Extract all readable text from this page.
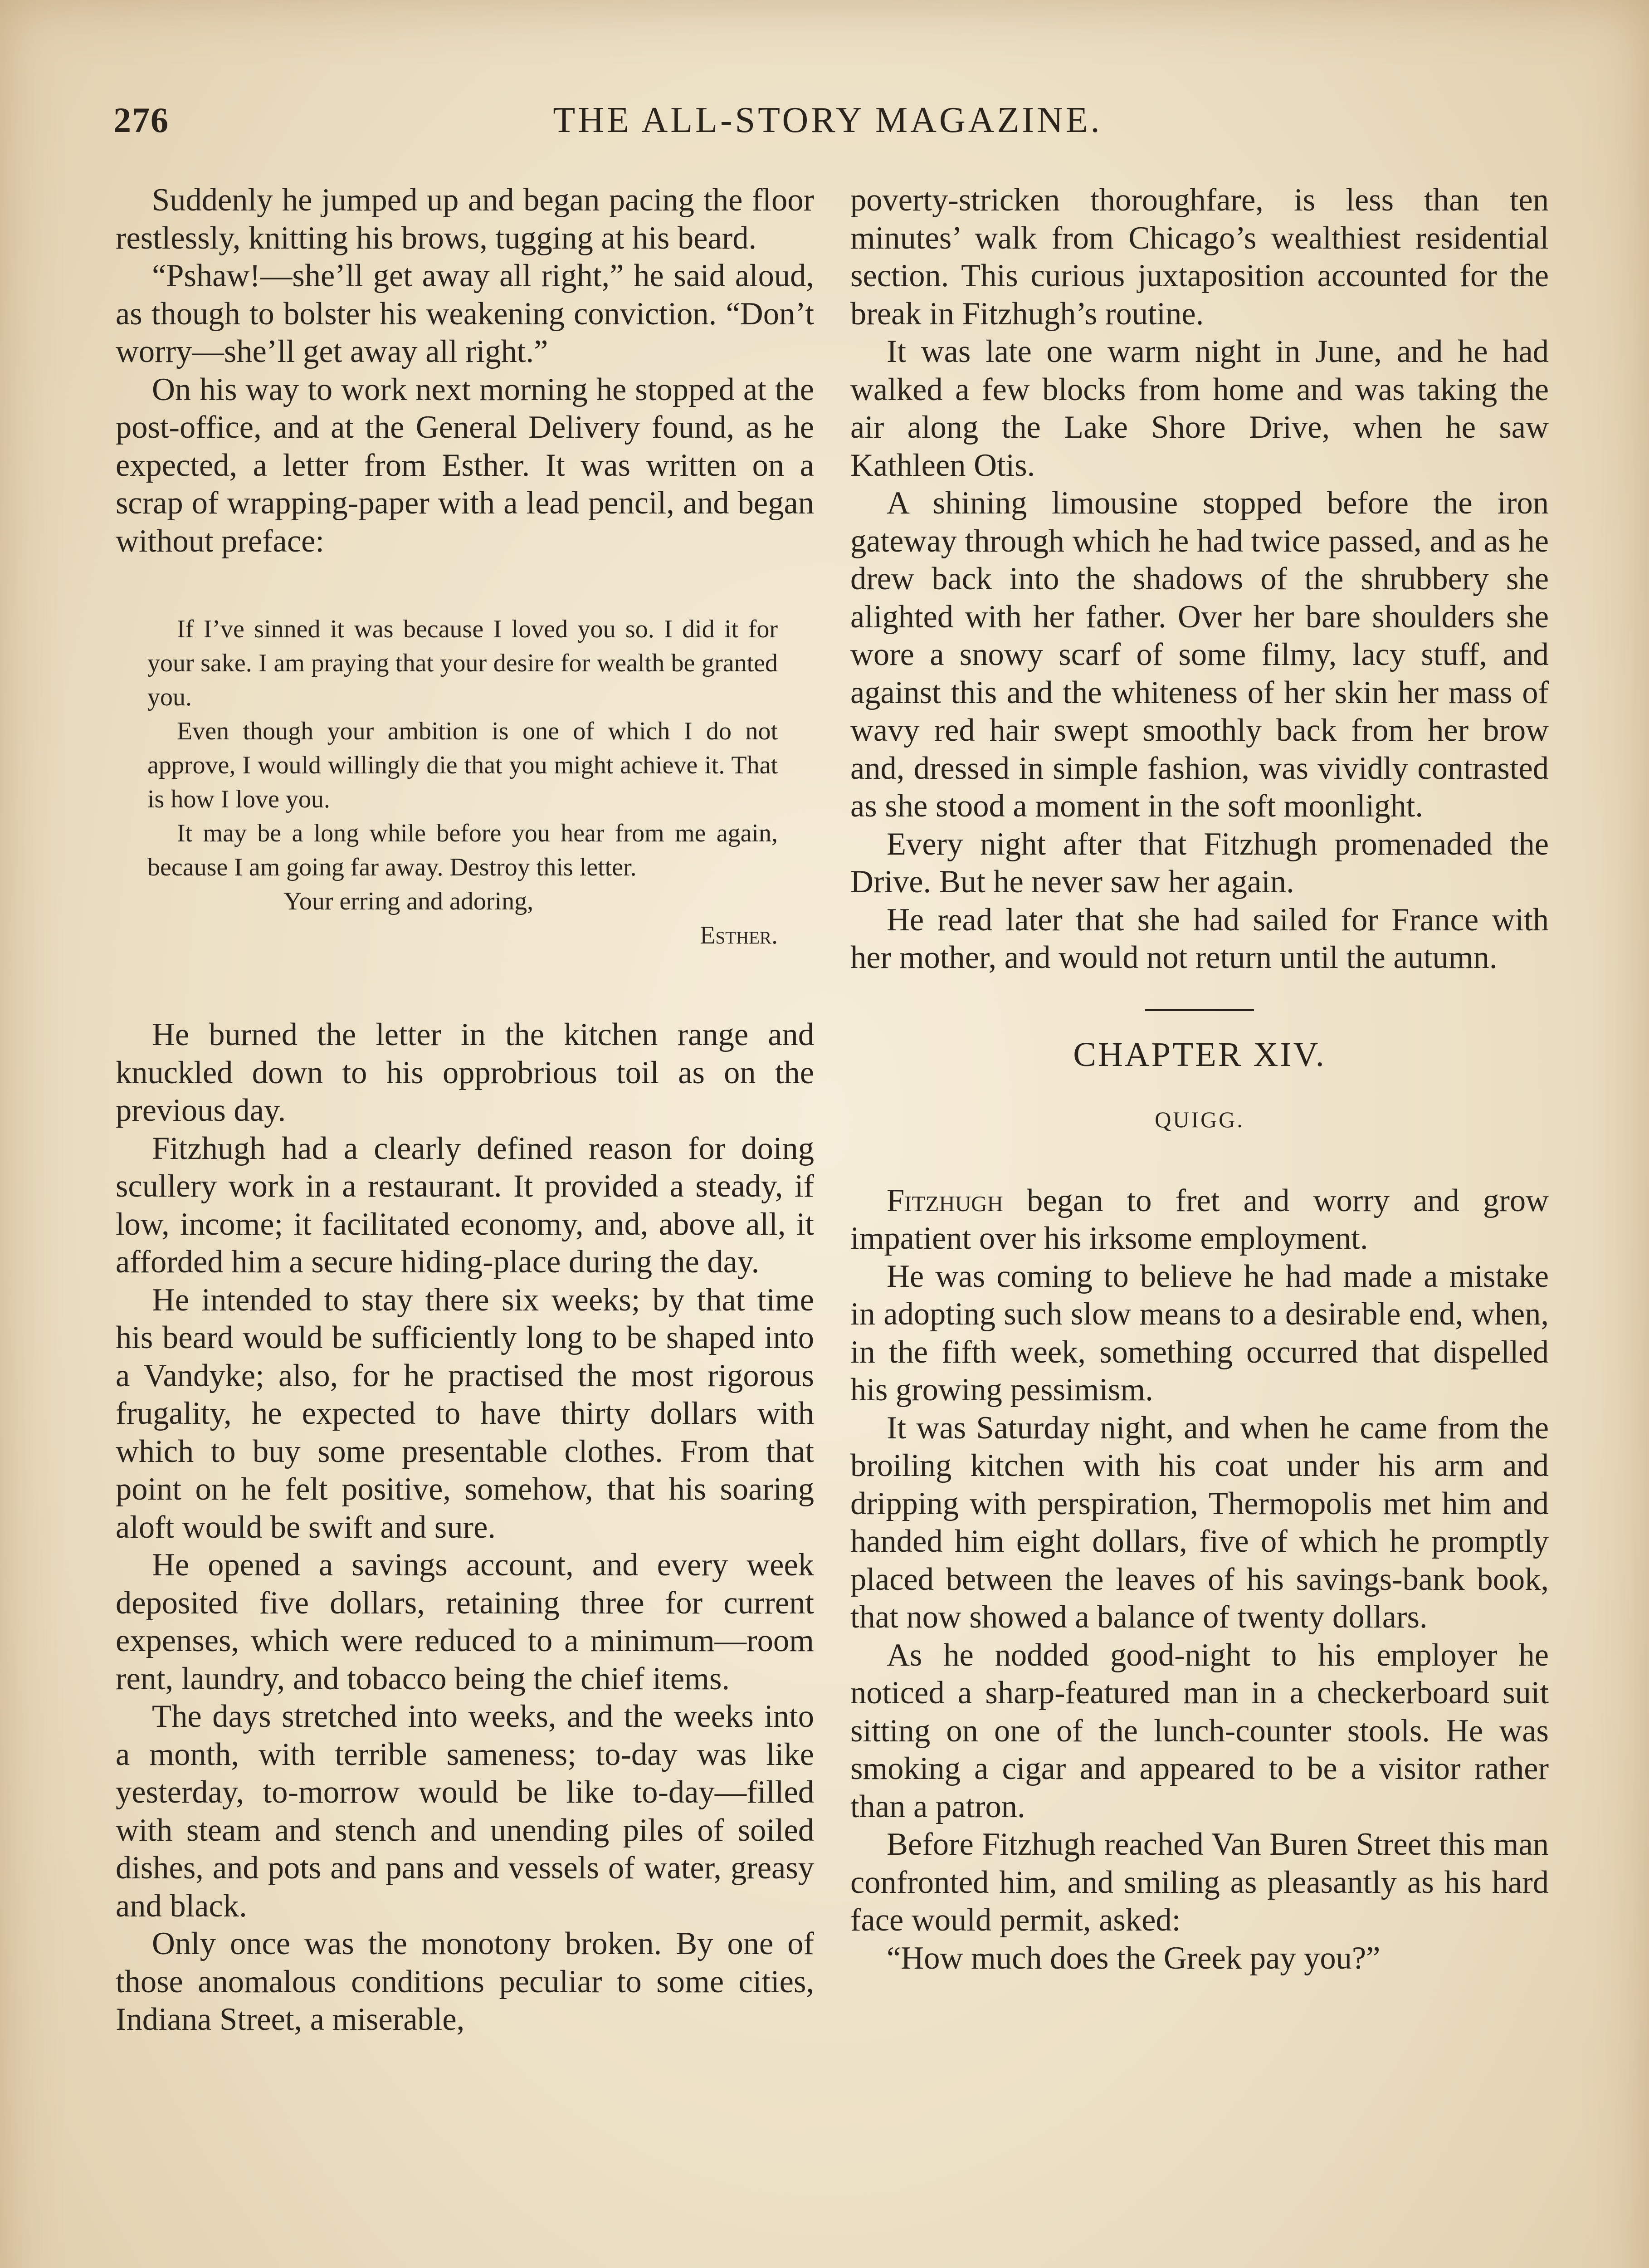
276	THE ALL-STORY MAGAZINE.

Suddenly he jumped up and began pacing the floor restlessly, knitting his brows, tugging at his beard.

“Pshaw!—she’ll get away all right,” he said aloud, as though to bolster his weakening conviction. “Don’t worry—she’ll get away all right.”

On his way to work next morning he stopped at the post-office, and at the General Delivery found, as he expected, a letter from Esther. It was written on a scrap of wrapping-paper with a lead pencil, and began without preface:

If I’ve sinned it was because I loved you so. I did it for your sake. I am praying that your desire for wealth be granted you.

Even though your ambition is one of which I do not approve, I would willingly die that you might achieve it. That is how I love you.

It may be a long while before you hear from me again, because I am going far away. Destroy this letter.

Your erring and adoring,

Esther.

He burned the letter in the kitchen range and knuckled down to his opprobrious toil as on the previous day.

Fitzhugh had a clearly defined reason for doing scullery work in a restaurant. It provided a steady, if low, income; it facilitated economy, and, above all, it afforded him a secure hiding-place during the day.

He intended to stay there six weeks; by that time his beard would be sufficiently long to be shaped into a Vandyke; also, for he practised the most rigorous frugality, he expected to have thirty dollars with which to buy some presentable clothes. From that point on he felt positive, somehow, that his soaring aloft would be swift and sure.

He opened a savings account, and every week deposited five dollars, retaining three for current expenses, which were reduced to a minimum—room rent, laundry, and tobacco being the chief items.

The days stretched into weeks, and the weeks into a month, with terrible sameness; to-day was like yesterday, to-morrow would be like to-day—filled with steam and stench and unending piles of soiled dishes, and pots and pans and vessels of water, greasy and black.

Only once was the monotony broken. By one of those anomalous conditions peculiar to some cities, Indiana Street, a miserable,

poverty-stricken thoroughfare, is less than ten minutes’ walk from Chicago’s wealthiest residential section. This curious juxtaposition accounted for the break in Fitzhugh’s routine.

It was late one warm night in June, and he had walked a few blocks from home and was taking the air along the Lake Shore Drive, when he saw Kathleen Otis.

A shining limousine stopped before the iron gateway through which he had twice passed, and as he drew back into the shadows of the shrubbery she alighted with her father. Over her bare shoulders she wore a snowy scarf of some filmy, lacy stuff, and against this and the whiteness of her skin her mass of wavy red hair swept smoothly back from her brow and, dressed in simple fashion, was vividly contrasted as she stood a moment in the soft moonlight.

Every night after that Fitzhugh promenaded the Drive. But he never saw her again.

He read later that she had sailed for France with her mother, and would not return until the autumn.

CHAPTER XIV.
QUIGG.

Fitzhugh began to fret and worry and grow impatient over his irksome employment.

He was coming to believe he had made a mistake in adopting such slow means to a desirable end, when, in the fifth week, something occurred that dispelled his growing pessimism.

It was Saturday night, and when he came from the broiling kitchen with his coat under his arm and dripping with perspiration, Thermopolis met him and handed him eight dollars, five of which he promptly placed between the leaves of his savings-bank book, that now showed a balance of twenty dollars.

As he nodded good-night to his employer he noticed a sharp-featured man in a checkerboard suit sitting on one of the lunch-counter stools. He was smoking a cigar and appeared to be a visitor rather than a patron.

Before Fitzhugh reached Van Buren Street this man confronted him, and smiling as pleasantly as his hard face would permit, asked:

“How much does the Greek pay you?”
